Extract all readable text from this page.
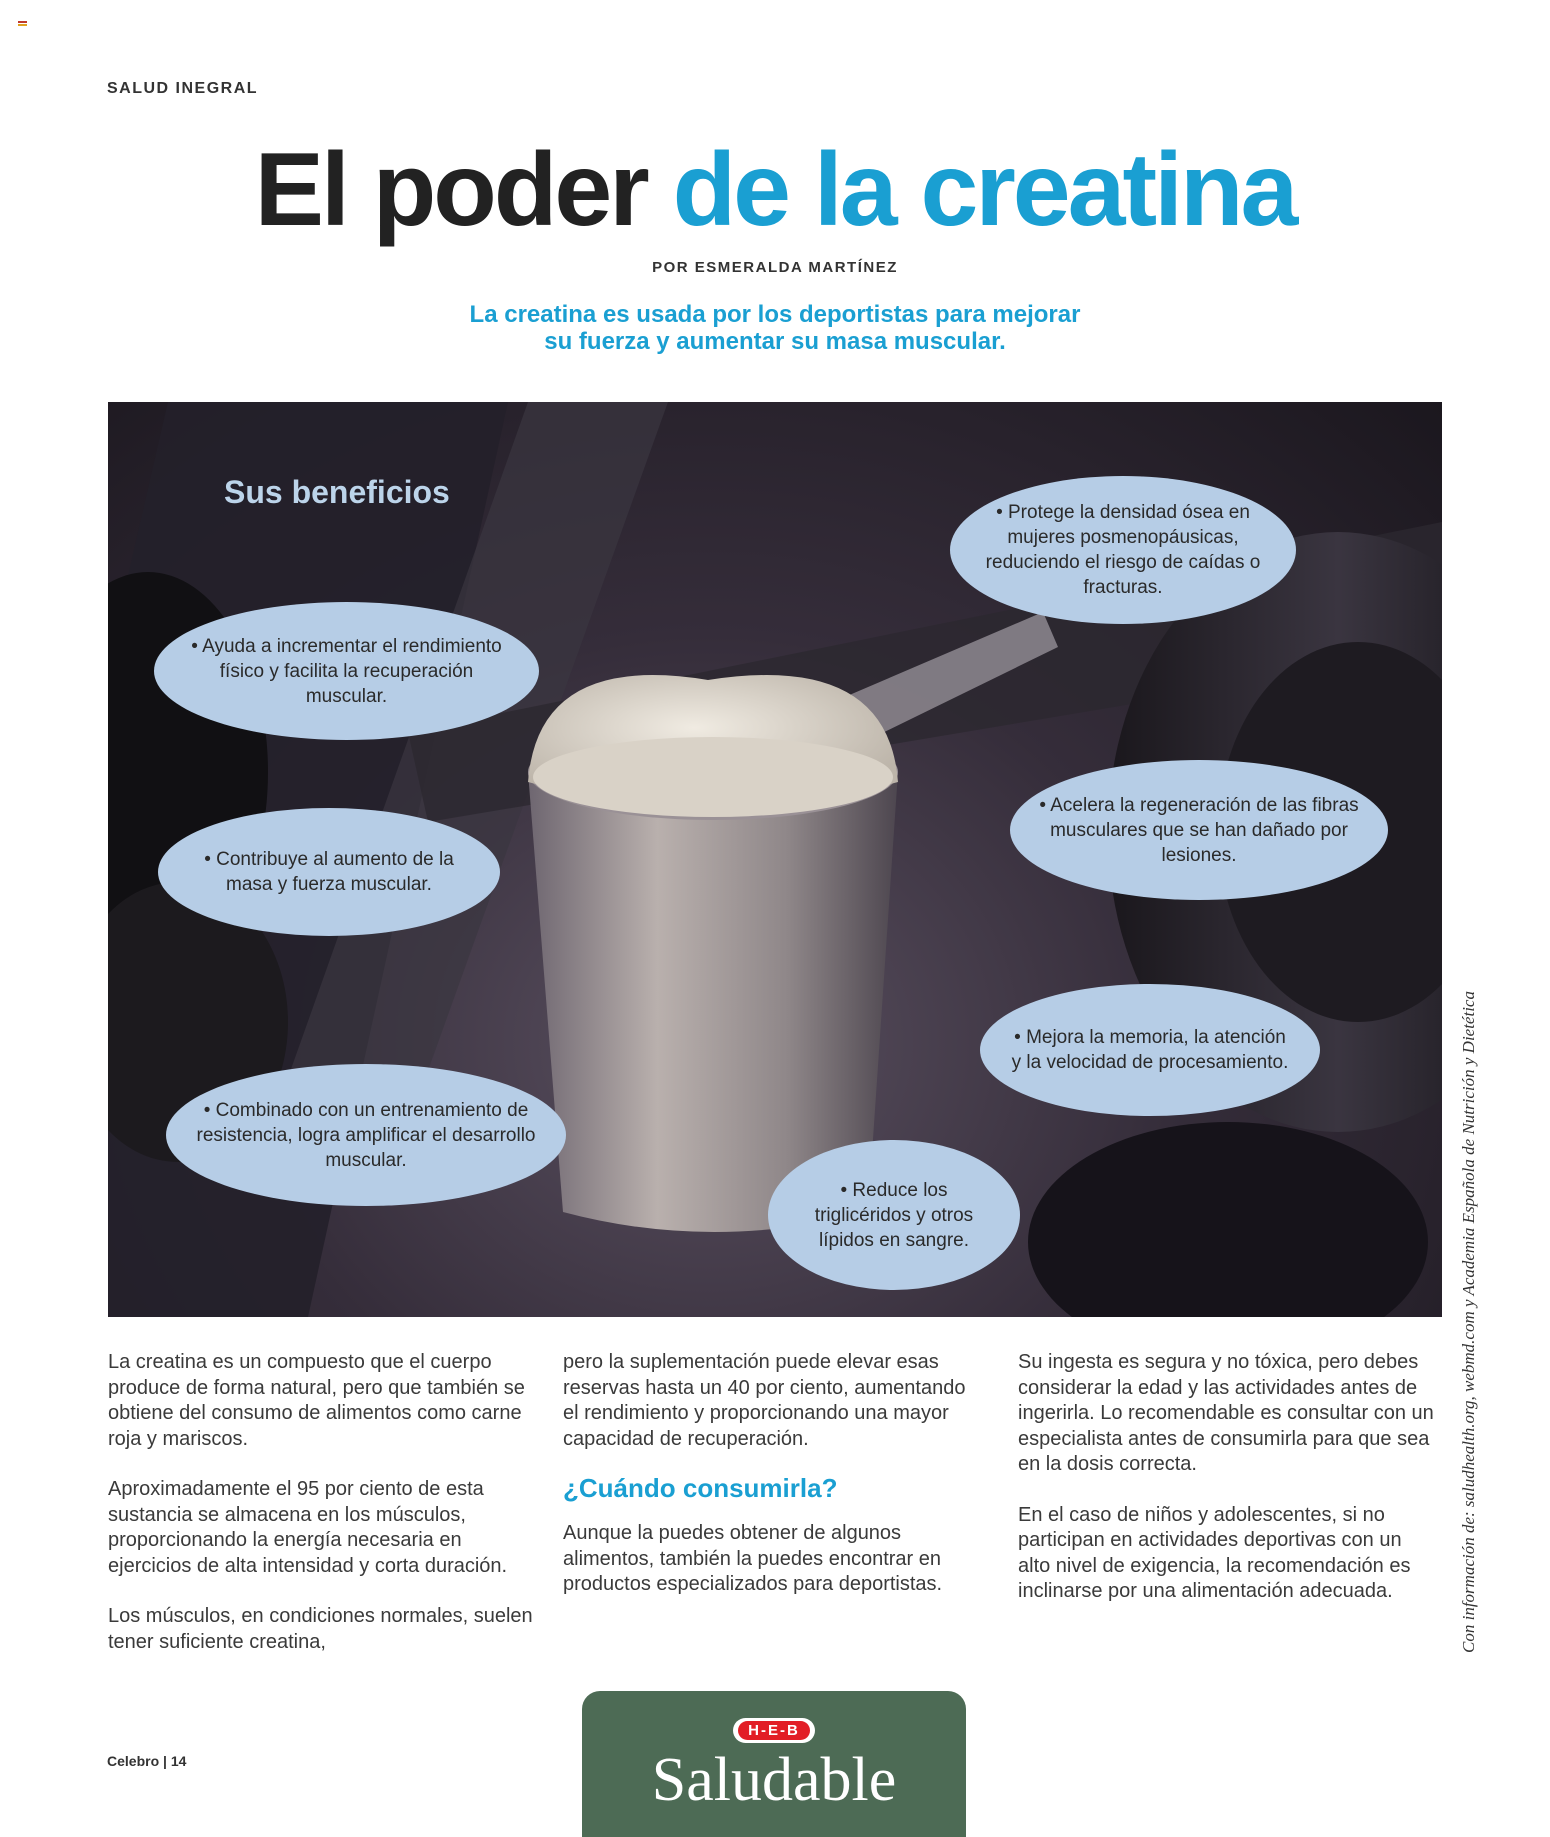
SALUD INEGRAL
El poder de la creatina
POR ESMERALDA MARTÍNEZ
La creatina es usada por los deportistas para mejorar
su fuerza y aumentar su masa muscular.
Sus beneficios
• Ayuda a incrementar el rendimiento físico y facilita la recuperación muscular.
• Contribuye al aumento de la masa y fuerza muscular.
• Combinado con un entrenamiento de resistencia, logra amplificar el desarrollo muscular.
• Protege la densidad ósea en mujeres posmenopáusicas, reduciendo el riesgo de caídas o fracturas.
• Acelera la regeneración de las fibras musculares que se han dañado por lesiones.
• Mejora la memoria, la atención y la velocidad de procesamiento.
• Reduce los triglicéridos y otros lípidos en sangre.

La creatina es un compuesto que el cuerpo produce de forma natural, pero que también se obtiene del consumo de alimentos como carne roja y mariscos.

Aproximadamente el 95 por ciento de esta sustancia se almacena en los músculos, proporcionando la energía necesaria en ejercicios de alta intensidad y corta duración.

Los músculos, en condiciones normales, suelen tener suficiente creatina,

pero la suplementación puede elevar esas reservas hasta un 40 por ciento, aumentando el rendimiento y proporcionando una mayor capacidad de recuperación.

¿Cuándo consumirla?

Aunque la puedes obtener de algunos alimentos, también la puedes encontrar en productos especializados para deportistas.

Su ingesta es segura y no tóxica, pero debes considerar la edad y las actividades antes de ingerirla. Lo recomendable es consultar con un especialista antes de consumirla para que sea en la dosis correcta.

En el caso de niños y adolescentes, si no participan en actividades deportivas con un alto nivel de exigencia, la recomendación es inclinarse por una alimentación adecuada.	Con información de: saludhealth.org, webmd.com y Academia Española de Nutrición y Dietética
Celebro | 14
H-E-B
Saludable
